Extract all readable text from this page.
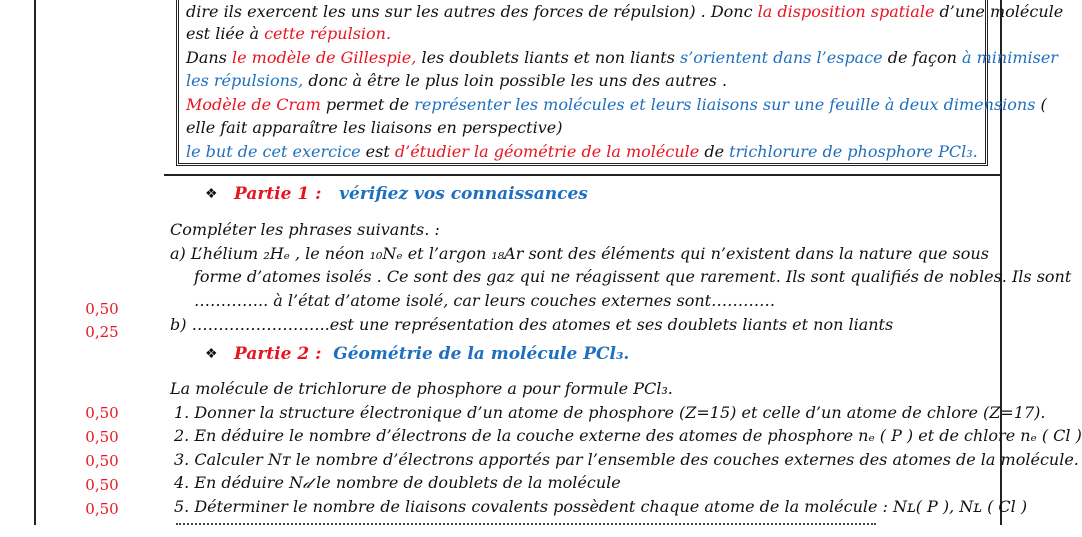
dire ils exercent les uns sur les autres des forces de répulsion) . Donc la disposition spatiale d’une molécule
est liée à cette répulsion.
Dans le modèle de Gillespie, les doublets liants et non liants s’orientent dans l’espace de façon à minimiser
les répulsions, donc à être le plus loin possible les uns des autres .
Modèle de Cram permet de représenter les molécules et leurs liaisons sur une feuille à deux dimensions (
elle fait apparaître les liaisons en perspective)
le but de cet exercice est d’étudier la géométrie de la molécule de trichlorure de phosphore PCl₃.
❖ Partie 1 : vérifiez vos connaissances
Compléter les phrases suivants. :
a) L’hélium ₂Hₑ , le néon ₁₀Nₑ et l’argon ₁₈Ar sont des éléments qui n’existent dans la nature que sous
forme d’atomes isolés . Ce sont des gaz qui ne réagissent que rarement. Ils sont qualifiés de nobles. Ils sont
………….. à l’état d’atome isolé, car leurs couches externes sont…………
b) ……………………..est une représentation des atomes et ses doublets liants et non liants
❖ Partie 2 : Géométrie de la molécule PCl₃.
La molécule de trichlorure de phosphore a pour formule PCl₃.
1. Donner la structure électronique d’un atome de phosphore (Z=15) et celle d’un atome de chlore (Z=17).
2. En déduire le nombre d’électrons de la couche externe des atomes de phosphore nₑ ( P ) et de chlore nₑ ( Cl )
3. Calculer Nᴛ le nombre d’électrons apportés par l’ensemble des couches externes des atomes de la molécule.
4. En déduire N𝒹 le nombre de doublets de la molécule
5. Déterminer le nombre de liaisons covalents possèdent chaque atome de la molécule : Nʟ( P ), Nʟ ( Cl )
0,50
0,25
0,50
0,50
0,50
0,50
0,50
